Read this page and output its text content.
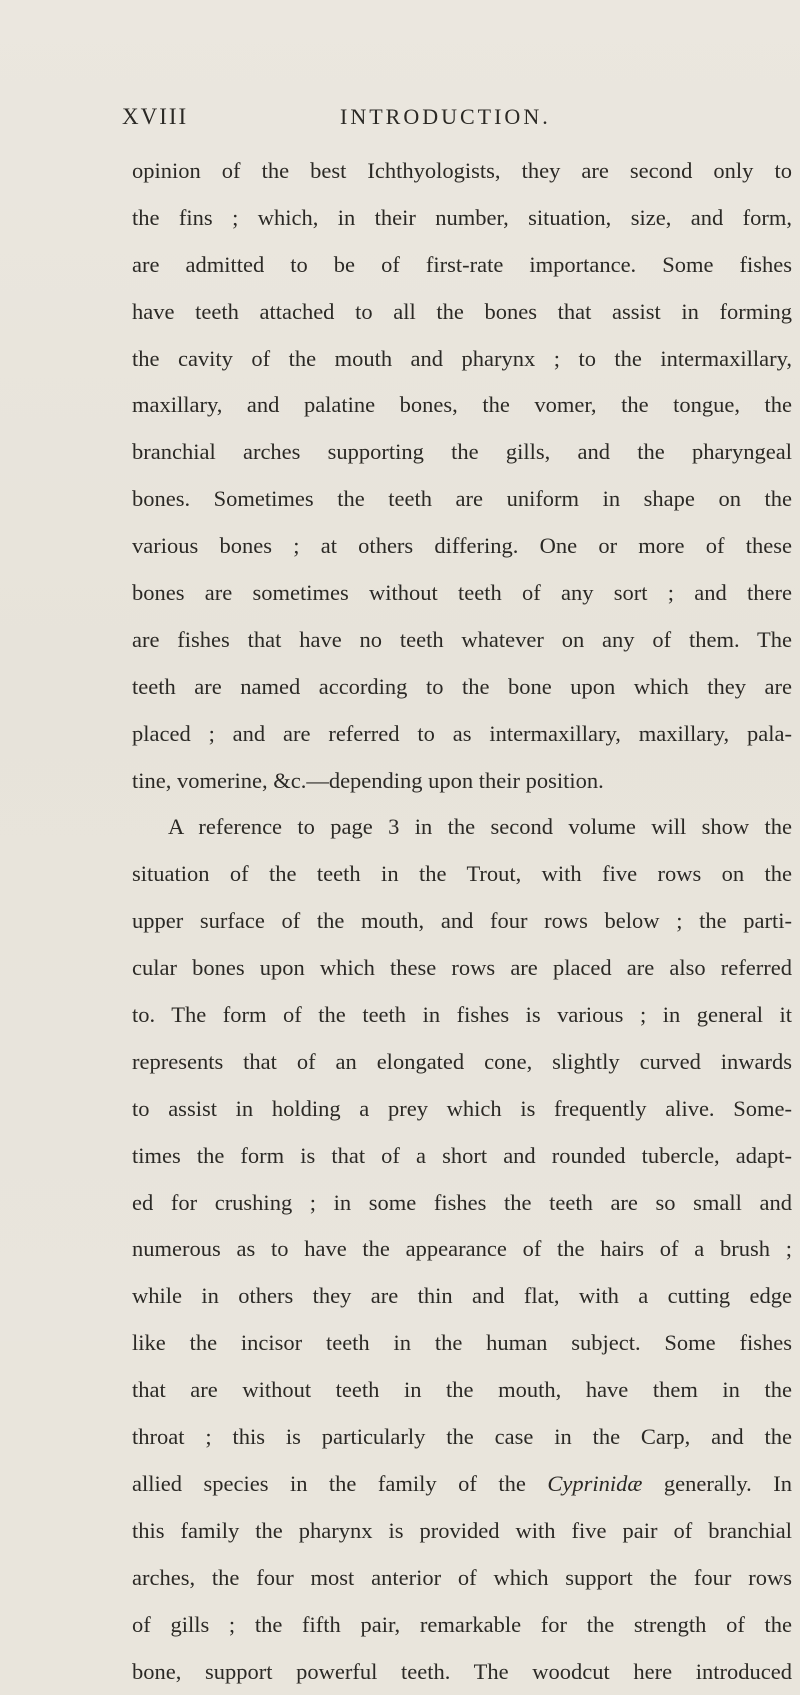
XVIII	INTRODUCTION.
opinion of the best Ichthyologists, they are second only to
the fins ; which, in their number, situation, size, and form,
are admitted to be of first-rate importance. Some fishes
have teeth attached to all the bones that assist in forming
the cavity of the mouth and pharynx ; to the intermaxillary,
maxillary, and palatine bones, the vomer, the tongue, the
branchial arches supporting the gills, and the pharyngeal
bones. Sometimes the teeth are uniform in shape on the
various bones ; at others differing. One or more of these
bones are sometimes without teeth of any sort ; and there
are fishes that have no teeth whatever on any of them. The
teeth are named according to the bone upon which they are
placed ; and are referred to as intermaxillary, maxillary, pala-
tine, vomerine, &c.—depending upon their position.
A reference to page 3 in the second volume will show the
situation of the teeth in the Trout, with five rows on the
upper surface of the mouth, and four rows below ; the parti-
cular bones upon which these rows are placed are also referred
to. The form of the teeth in fishes is various ; in general it
represents that of an elongated cone, slightly curved inwards
to assist in holding a prey which is frequently alive. Some-
times the form is that of a short and rounded tubercle, adapt-
ed for crushing ; in some fishes the teeth are so small and
numerous as to have the appearance of the hairs of a brush ;
while in others they are thin and flat, with a cutting edge
like the incisor teeth in the human subject. Some fishes
that are without teeth in the mouth, have them in the
throat ; this is particularly the case in the Carp, and the
allied species in the family of the Cyprinidæ generally. In
this family the pharynx is provided with five pair of branchial
arches, the four most anterior of which support the four rows
of gills ; the fifth pair, remarkable for the strength of the
bone, support powerful teeth. The woodcut here introduced
